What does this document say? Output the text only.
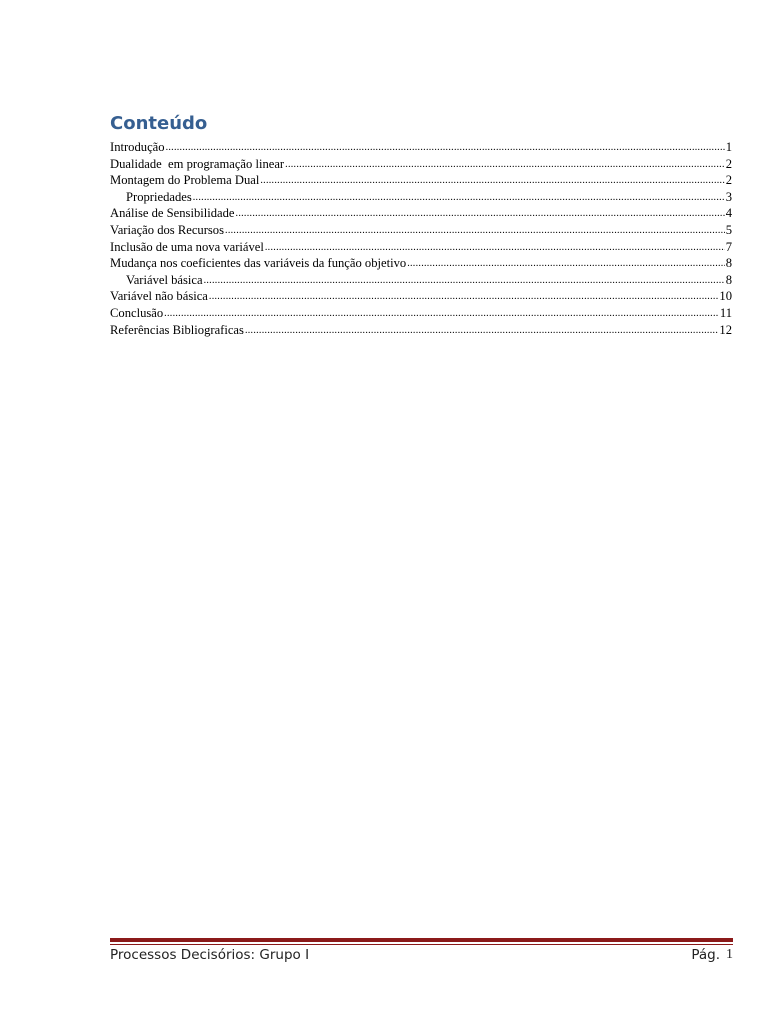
Conteúdo
Introdução .....	1
Dualidade  em programação linear .....	2
Montagem do Problema Dual .....	2
Propriedades .....	3
Análise de Sensibilidade .....	4
Variação dos Recursos .....	5
Inclusão de uma nova variável .....	7
Mudança nos coeficientes das variáveis da função objetivo .....	8
Variável básica .....	8
Variável não básica .....	10
Conclusão .....	11
Referências Bibliograficas .....	12
Processos Decisórios: Grupo I	Pág. 1
